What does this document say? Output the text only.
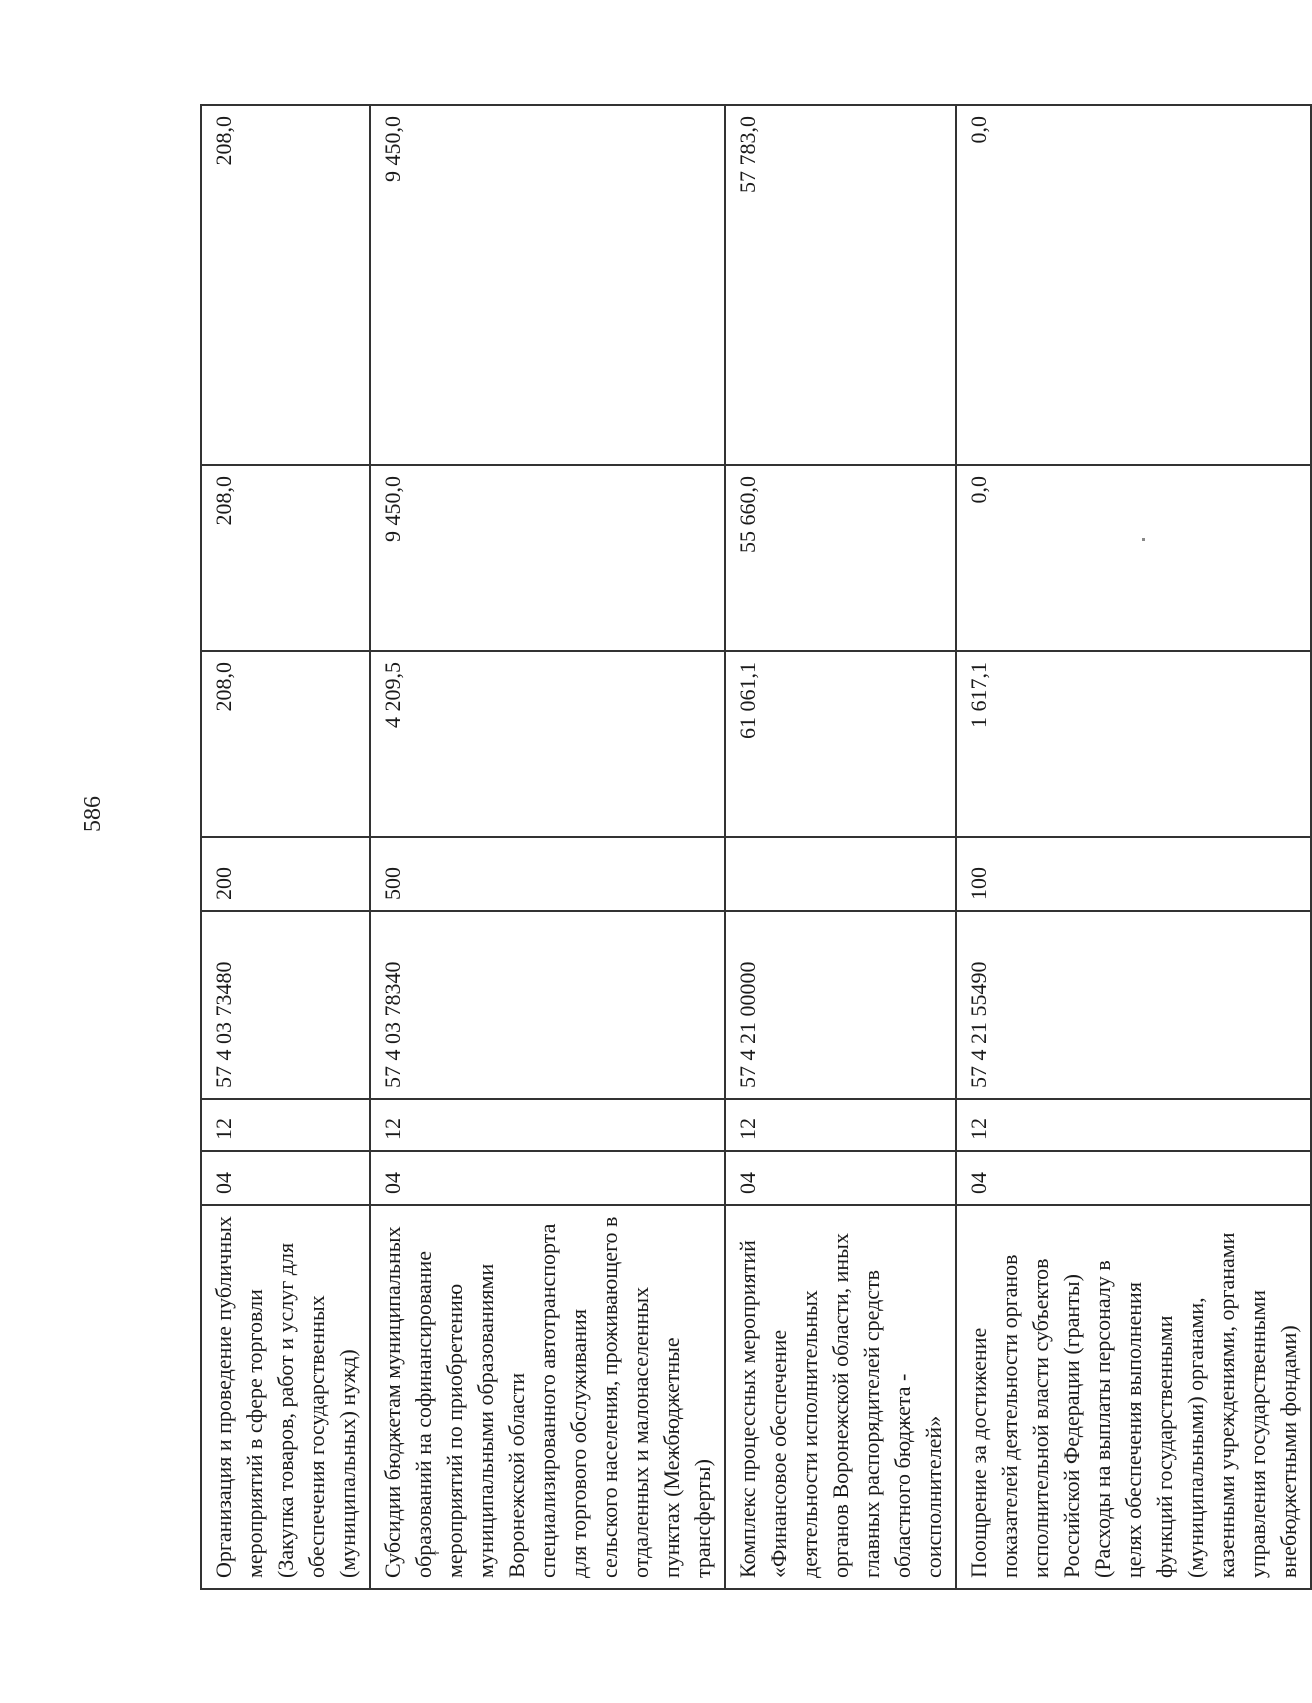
586
Организация и проведение публичных мероприятий в сфере торговли (Закупка товаров, работ и услуг для обеспечения государственных (муниципальных) нужд)	04	12	57 4 03 73480	200	208,0	208,0	208,0
Субсидии бюджетам муниципальных образований на софинансирование мероприятий по приобретению муниципальными образованиями Воронежской области специализированного автотранспорта для торгового обслуживания сельского населения, проживающего в отдаленных и малонаселенных пунктах (Межбюджетные трансферты)	04	12	57 4 03 78340	500	4 209,5	9 450,0	9 450,0
Комплекс процессных мероприятий «Финансовое обеспечение деятельности исполнительных органов Воронежской области, иных главных распорядителей средств областного бюджета - соисполнителей»	04	12	57 4 21 00000		61 061,1	55 660,0	57 783,0
Поощрение за достижение показателей деятельности органов исполнительной власти субъектов Российской Федерации (гранты) (Расходы на выплаты персоналу в целях обеспечения выполнения функций государственными (муниципальными) органами, казенными учреждениями, органами управления государственными внебюджетными фондами)	04	12	57 4 21 55490	100	1 617,1	0,0	0,0
